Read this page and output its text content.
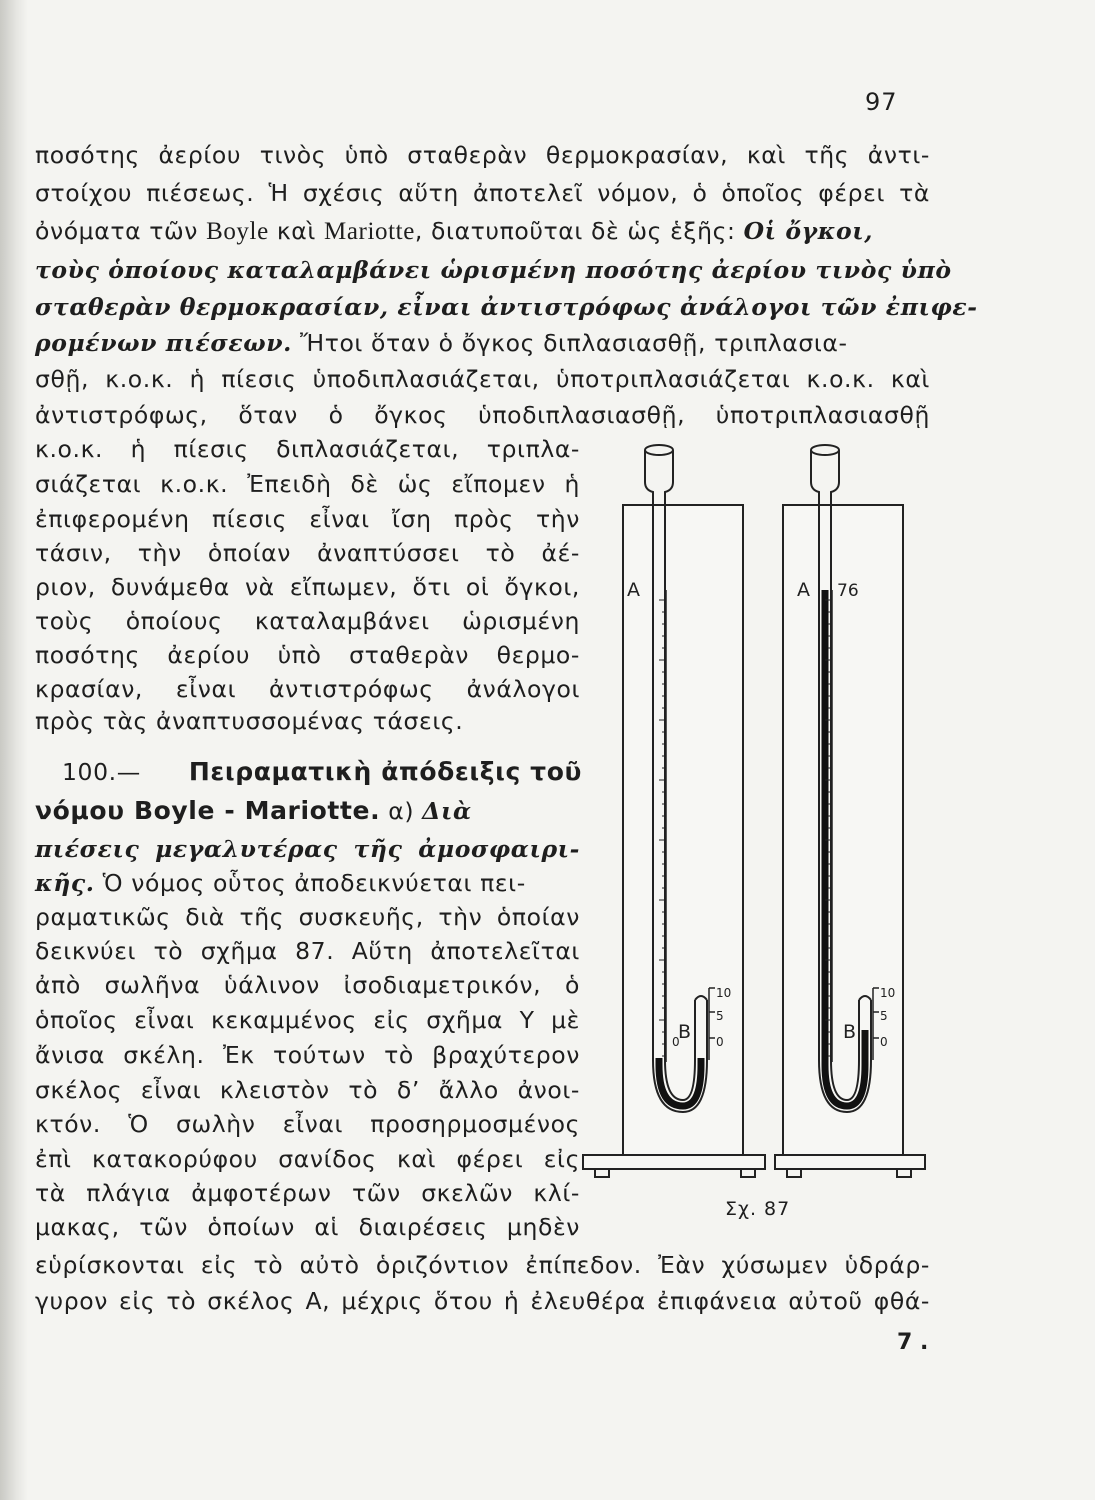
97
ποσότης ἀερίου τινὸς ὑπὸ σταθερὰν θερμοκρασίαν, καὶ τῆς ἀντι-
στοίχου πιέσεως. Ἡ σχέσις αὕτη ἀποτελεῖ νόμον, ὁ ὁποῖος φέρει τὰ
ὀνόματα τῶν Boyle καὶ Mariotte, διατυποῦται δὲ ὡς ἑξῆς: Οἱ ὄγκοι,
τοὺς ὁποίους καταλαμβάνει ὡρισμένη ποσότης ἀερίου τινὸς ὑπὸ
σταθερὰν θερμοκρασίαν, εἶναι ἀντιστρόφως ἀνάλογοι τῶν ἐπιφε-
ρομένων πιέσεων. Ἤτοι ὅταν ὁ ὄγκος διπλασιασθῇ, τριπλασια-
σθῇ, κ.ο.κ. ἡ πίεσις ὑποδιπλασιάζεται, ὑποτριπλασιάζεται κ.ο.κ. καὶ
ἀντιστρόφως, ὅταν ὁ ὄγκος ὑποδιπλασιασθῇ, ὑποτριπλασιασθῇ
κ.ο.κ. ἡ πίεσις διπλασιάζεται, τριπλα-
σιάζεται κ.ο.κ. Ἐπειδὴ δὲ ὡς εἴπομεν ἡ
ἐπιφερομένη πίεσις εἶναι ἴση πρὸς τὴν
τάσιν, τὴν ὁποίαν ἀναπτύσσει τὸ ἀέ-
ριον, δυνάμεθα νὰ εἴπωμεν, ὅτι οἱ ὄγκοι,
τοὺς ὁποίους καταλαμβάνει ὡρισμένη
ποσότης ἀερίου ὑπὸ σταθερὰν θερμο-
κρασίαν, εἶναι ἀντιστρόφως ἀνάλογοι
πρὸς τὰς ἀναπτυσσομένας τάσεις.
100.— Πειραματικὴ ἀπόδειξις τοῦ
νόμου Boyle - Mariotte. α) Διὰ
πιέσεις μεγαλυτέρας τῆς ἀμοσφαιρι-
κῆς. Ὁ νόμος οὗτος ἀποδεικνύεται πει-
ραματικῶς διὰ τῆς συσκευῆς, τὴν ὁποίαν
δεικνύει τὸ σχῆμα 87. Αὕτη ἀποτελεῖται
ἀπὸ σωλῆνα ὑάλινον ἰσοδιαμετρικόν, ὁ
ὁποῖος εἶναι κεκαμμένος εἰς σχῆμα Υ μὲ
ἄνισα σκέλη. Ἐκ τούτων τὸ βραχύτερον
σκέλος εἶναι κλειστὸν τὸ δ’ ἄλλο ἀνοι-
κτόν. Ὁ σωλὴν εἶναι προσηρμοσμένος
ἐπὶ κατακορύφου σανίδος καὶ φέρει εἰς
τὰ πλάγια ἀμφοτέρων τῶν σκελῶν κλί-
μακας, τῶν ὁποίων αἱ διαιρέσεις μηδὲν
εὑρίσκονται εἰς τὸ αὐτὸ ὁριζόντιον ἐπίπεδον. Ἐὰν χύσωμεν ὑδράρ-
γυρον εἰς τὸ σκέλος Α, μέχρις ὅτου ἡ ἐλευθέρα ἐπιφάνεια αὐτοῦ φθά-
7 .
A
B
10
5
0
0
A 76
B
10
5
0
Σχ. 87
